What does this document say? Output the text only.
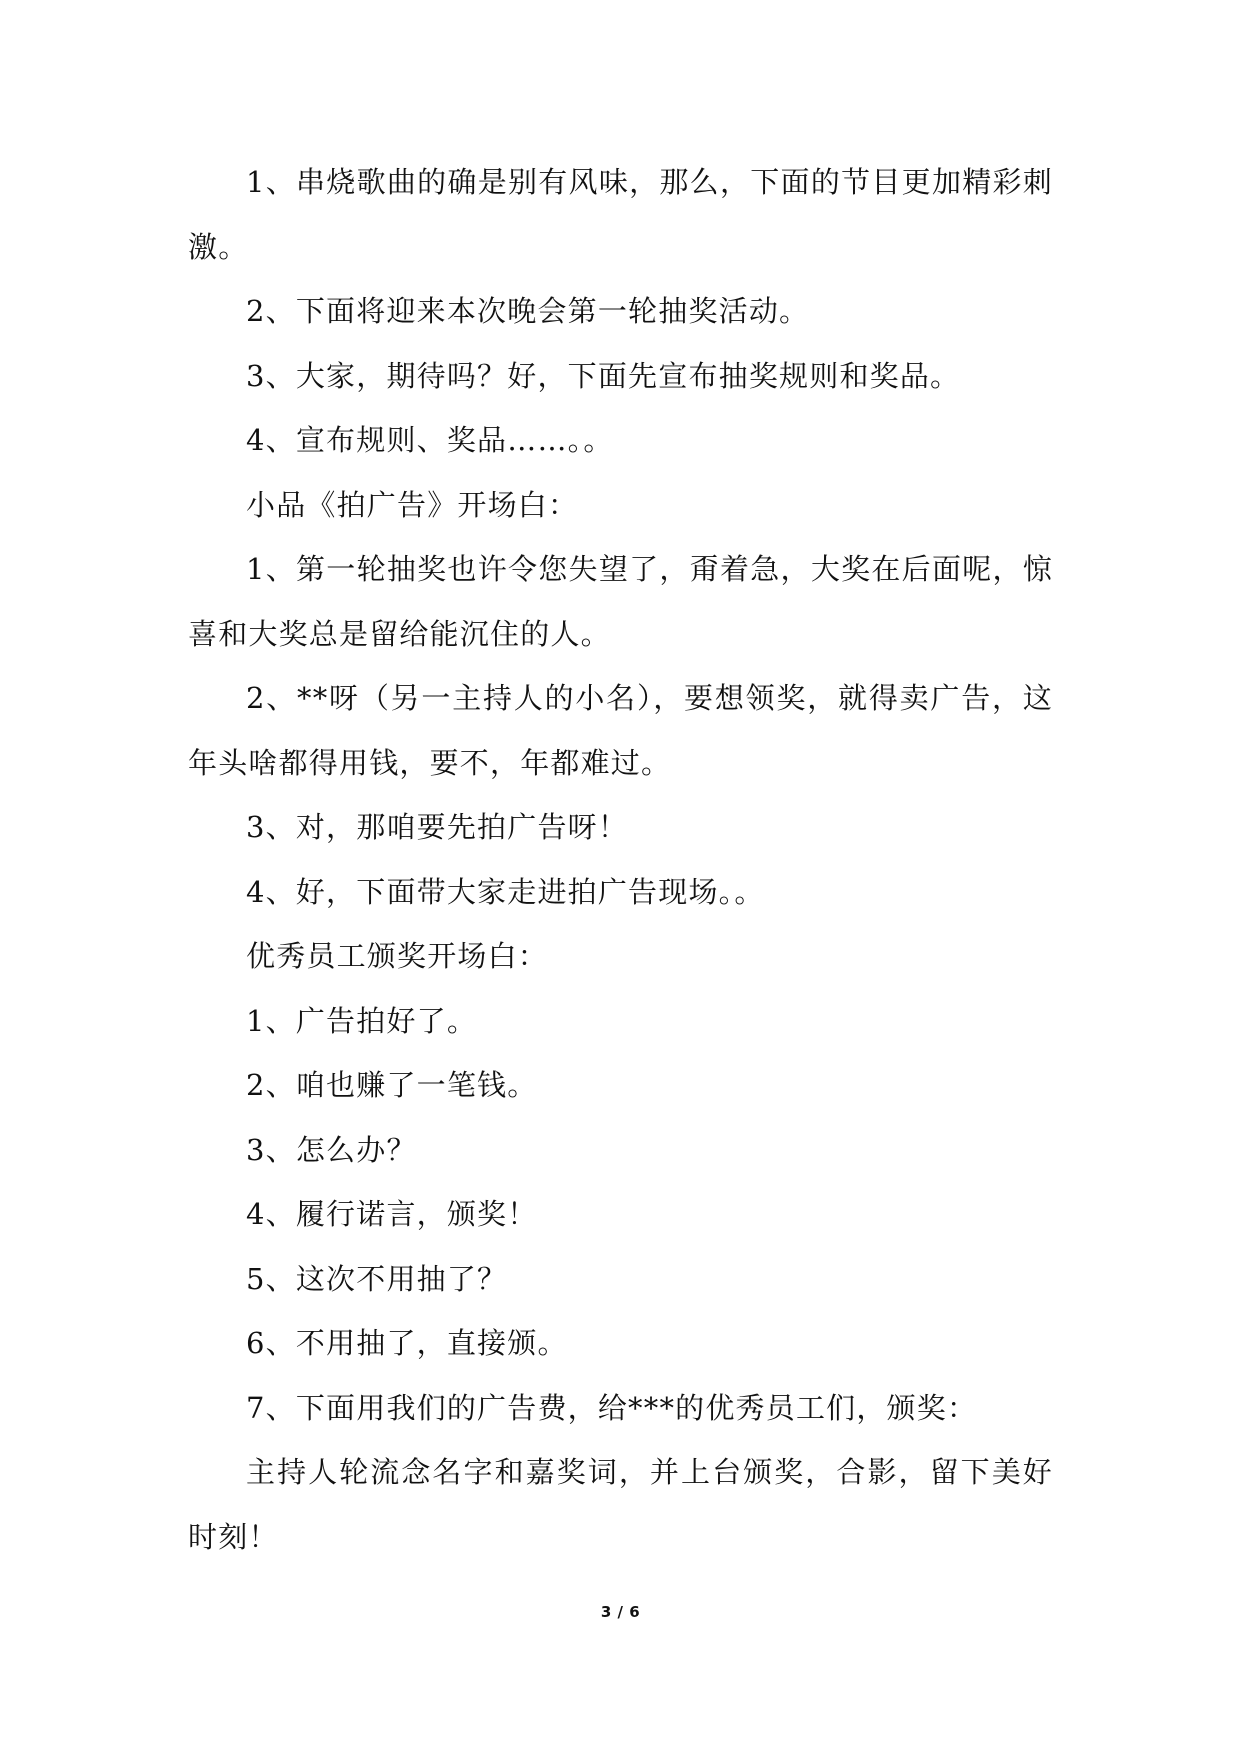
1、串烧歌曲的确是别有风味，那么，下面的节目更加精彩刺激。

2、下面将迎来本次晚会第一轮抽奖活动。

3、大家，期待吗？好，下面先宣布抽奖规则和奖品。

4、宣布规则、奖品……。。

小品《拍广告》开场白：

1、第一轮抽奖也许令您失望了，甭着急，大奖在后面呢，惊喜和大奖总是留给能沉住的人。

2、**呀（另一主持人的小名），要想领奖，就得卖广告，这年头啥都得用钱，要不，年都难过。

3、对，那咱要先拍广告呀！

4、好，下面带大家走进拍广告现场。。

优秀员工颁奖开场白：

1、广告拍好了。

2、咱也赚了一笔钱。

3、怎么办？

4、履行诺言，颁奖！

5、这次不用抽了？

6、不用抽了，直接颁。

7、下面用我们的广告费，给***的优秀员工们，颁奖：

主持人轮流念名字和嘉奖词，并上台颁奖，合影，留下美好时刻！

3 / 6
